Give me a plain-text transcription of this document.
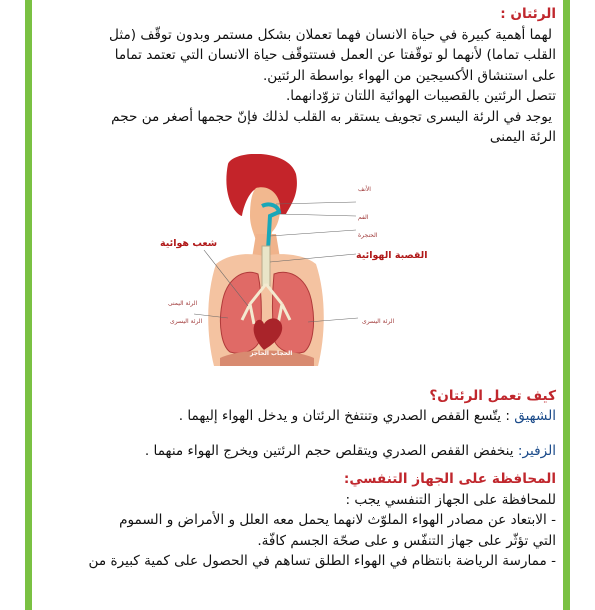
الرئتان :

لهما أهمية كبيرة في حياة الانسان فهما تعملان بشكل مستمر وبدون توقّف (مثل

القلب تماما) لأنهما لو توقّفتا عن العمل فستتوقّف حياة الانسان التي تعتمد تماما

على استنشاق الأكسيجين من الهواء بواسطة الرئتين.

تتصل الرئتين بالقصيبات الهوائية اللتان تزوّدانهما.

يوجد في الرئة اليسرى تجويف يستقر به القلب لذلك فإنّ حجمها أصغر من حجم

الرئة اليمنى

الأنف
الفم
الحنجرة
القصبة الهوائية
شعب هوائية
الرئة اليمنى
الرئة اليسرى	الرئة اليسرى
الحجاب الحاجز

كيف تعمل الرئتان؟

الشهيق : يتّسع القفص الصدري وتنتفخ الرئتان و يدخل الهواء إليهما .

الزفير: ينخفض القفص الصدري ويتقلص حجم الرئتين ويخرج الهواء منهما .

المحافظة على الجهاز التنفسي:

للمحافظة على الجهاز التنفسي يجب :

- الابتعاد عن مصادر الهواء الملوّث لانهما يحمل معه العلل و الأمراض و السموم

التي تؤثّر على جهاز التنفّس و على صحّة الجسم كافّة.

- ممارسة الرياضة بانتظام في الهواء الطلق تساهم في الحصول على كمية كبيرة من
